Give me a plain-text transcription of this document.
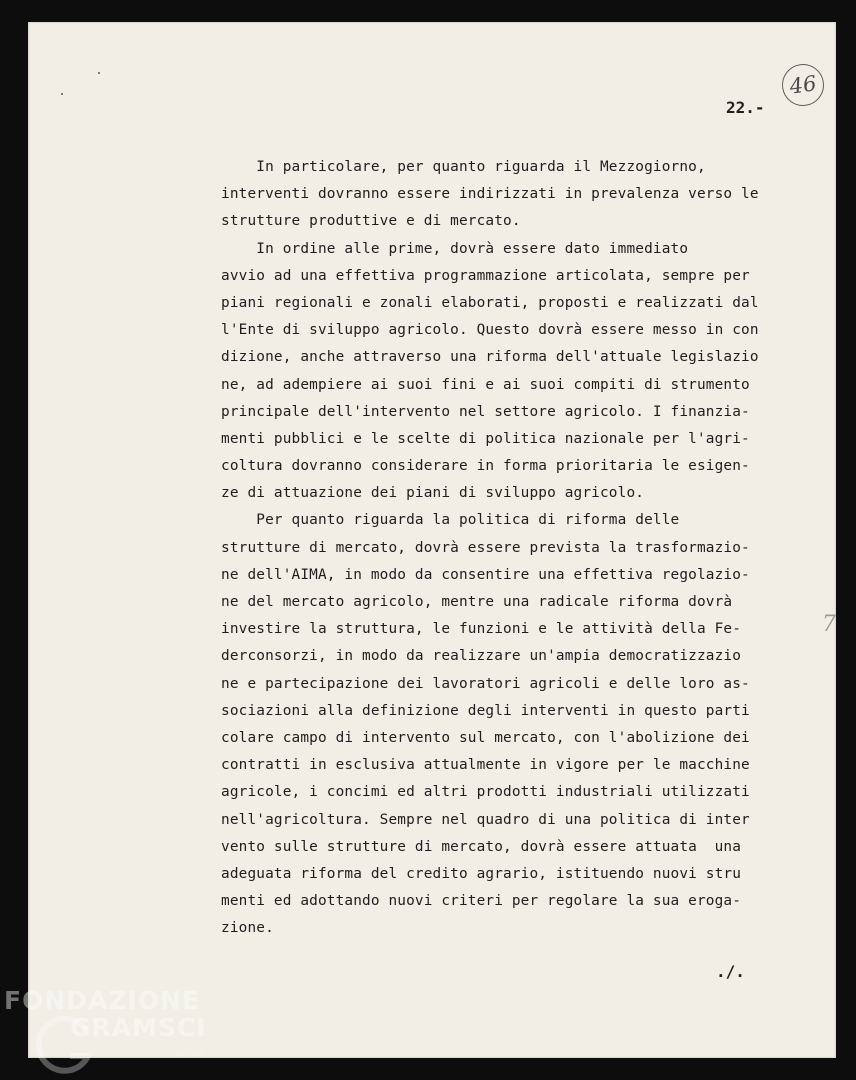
46
22.-
In particolare, per quanto riguarda il Mezzogiorno,
interventi dovranno essere indirizzati in prevalenza verso le
strutture produttive e di mercato.
In ordine alle prime, dovrà essere dato immediato
avvio ad una effettiva programmazione articolata, sempre per
piani regionali e zonali elaborati, proposti e realizzati dal
l'Ente di sviluppo agricolo. Questo dovrà essere messo in con
dizione, anche attraverso una riforma dell'attuale legislazio
ne, ad adempiere ai suoi fini e ai suoi compiti di strumento
principale dell'intervento nel settore agricolo. I finanzia-
menti pubblici e le scelte di politica nazionale per l'agri-
coltura dovranno considerare in forma prioritaria le esigen-
ze di attuazione dei piani di sviluppo agricolo.
Per quanto riguarda la politica di riforma delle
strutture di mercato, dovrà essere prevista la trasformazio-
ne dell'AIMA, in modo da consentire una effettiva regolazio-
ne del mercato agricolo, mentre una radicale riforma dovrà
investire la struttura, le funzioni e le attività della Fe-
derconsorzi, in modo da realizzare un'ampia democratizzazio
ne e partecipazione dei lavoratori agricoli e delle loro as-
sociazioni alla definizione degli interventi in questo parti
colare campo di intervento sul mercato, con l'abolizione dei
contratti in esclusiva attualmente in vigore per le macchine
agricole, i concimi ed altri prodotti industriali utilizzati
nell'agricoltura. Sempre nel quadro di una politica di inter
vento sulle strutture di mercato, dovrà essere attuata  una
adeguata riforma del credito agrario, istituendo nuovi stru
menti ed adottando nuovi criteri per regolare la sua eroga-
zione.
./.
7
FONDAZIONE
GRAMSCI
onlus
